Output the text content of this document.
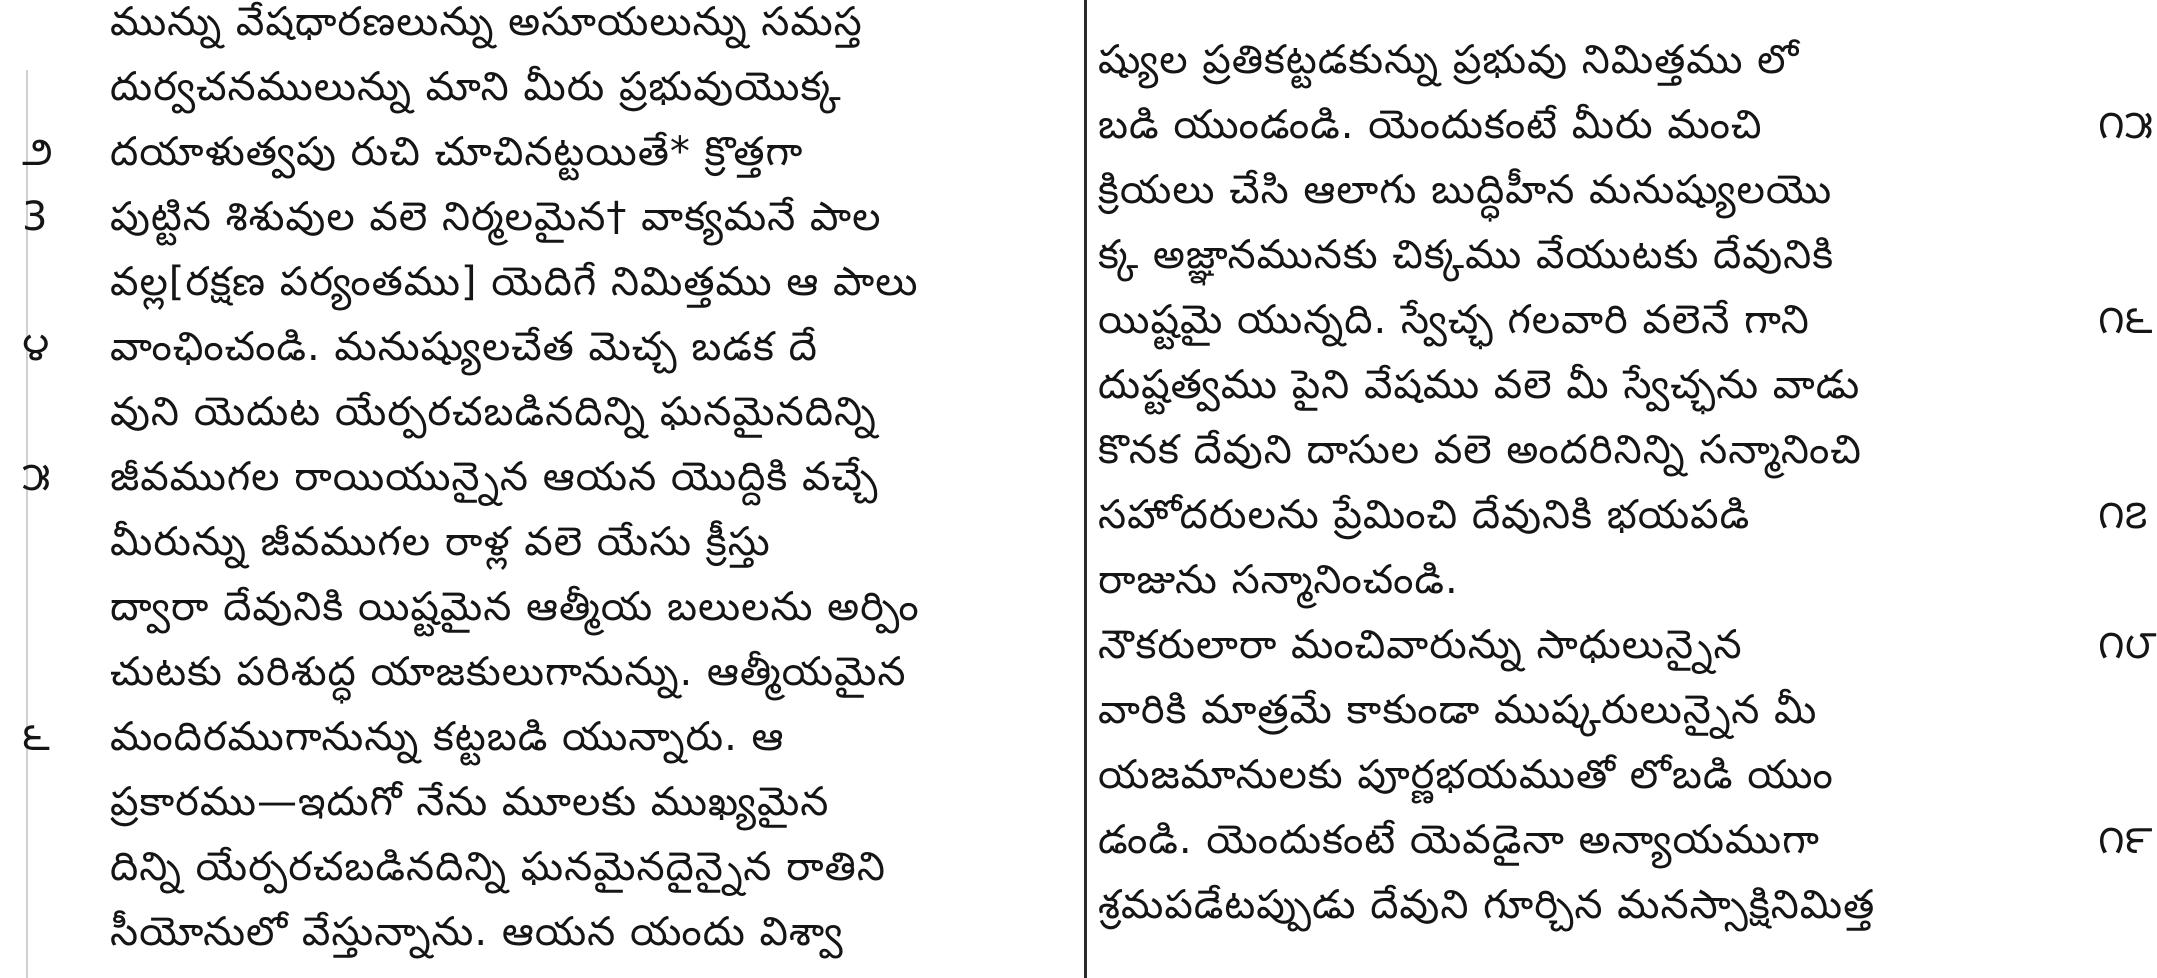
మున్ను వేషధారణలున్ను అసూయలున్ను సమస్త
దుర్వచనములున్ను మాని మీరు ప్రభువుయొక్క
దయాళుత్వపు రుచి చూచినట్టయితే* క్రొత్తగా
౨
పుట్టిన శిశువుల వలె నిర్మలమైన† వాక్యమనే పాల
3
వల్ల[రక్షణ పర్యంతము] యెదిగే నిమిత్తము ఆ పాలు
వాంఛించండి. మనుష్యులచేత మెచ్చ బడక దే
౪
వుని యెదుట యేర్పరచబడినదిన్ని ఘనమైనదిన్ని
జీవముగల రాయియున్నైన ఆయన యొద్దికి వచ్చే
౫
మీరున్ను జీవముగల రాళ్ల వలె యేసు క్రీస్తు
ద్వారా దేవునికి యిష్టమైన ఆత్మీయ బలులను అర్పిం
చుటకు పరిశుద్ధ యాజకులుగానున్ను. ఆత్మీయమైన
మందిరముగానున్ను కట్టబడి యున్నారు. ఆ
౬
ప్రకారము—ఇదుగో నేను మూలకు ముఖ్యమైన
దిన్ని యేర్పరచబడినదిన్ని ఘనమైనదైన్నైన రాతిని
సీయోనులో వేస్తున్నాను. ఆయన యందు విశ్వా
ష్యుల ప్రతికట్టడకున్ను ప్రభువు నిమిత్తము లో
బడి యుండండి. యెందుకంటే మీరు మంచి	౧౫
క్రియలు చేసి ఆలాగు బుద్ధిహీన మనుష్యులయొ
క్క అజ్ఞానమునకు చిక్కము వేయుటకు దేవునికి
యిష్టమై యున్నది. స్వేచ్ఛ గలవారి వలెనే గాని	౧౬
దుష్టత్వము పైని వేషము వలె మీ స్వేచ్ఛను వాడు
కొనక దేవుని దాసుల వలె అందరినిన్ని సన్మానించి
సహోదరులను ప్రేమించి దేవునికి భయపడి	౧౭
రాజును సన్మానించండి.
నౌకరులారా మంచివారున్ను సాధులున్నైన	౧౮
వారికి మాత్రమే కాకుండా ముష్కరులున్నైన మీ
యజమానులకు పూర్ణభయముతో లోబడి యుం
డండి. యెందుకంటే యెవడైనా అన్యాయముగా	౧౯
శ్రమపడేటప్పుడు దేవుని గూర్చిన మనస్సాక్షినిమిత్త
